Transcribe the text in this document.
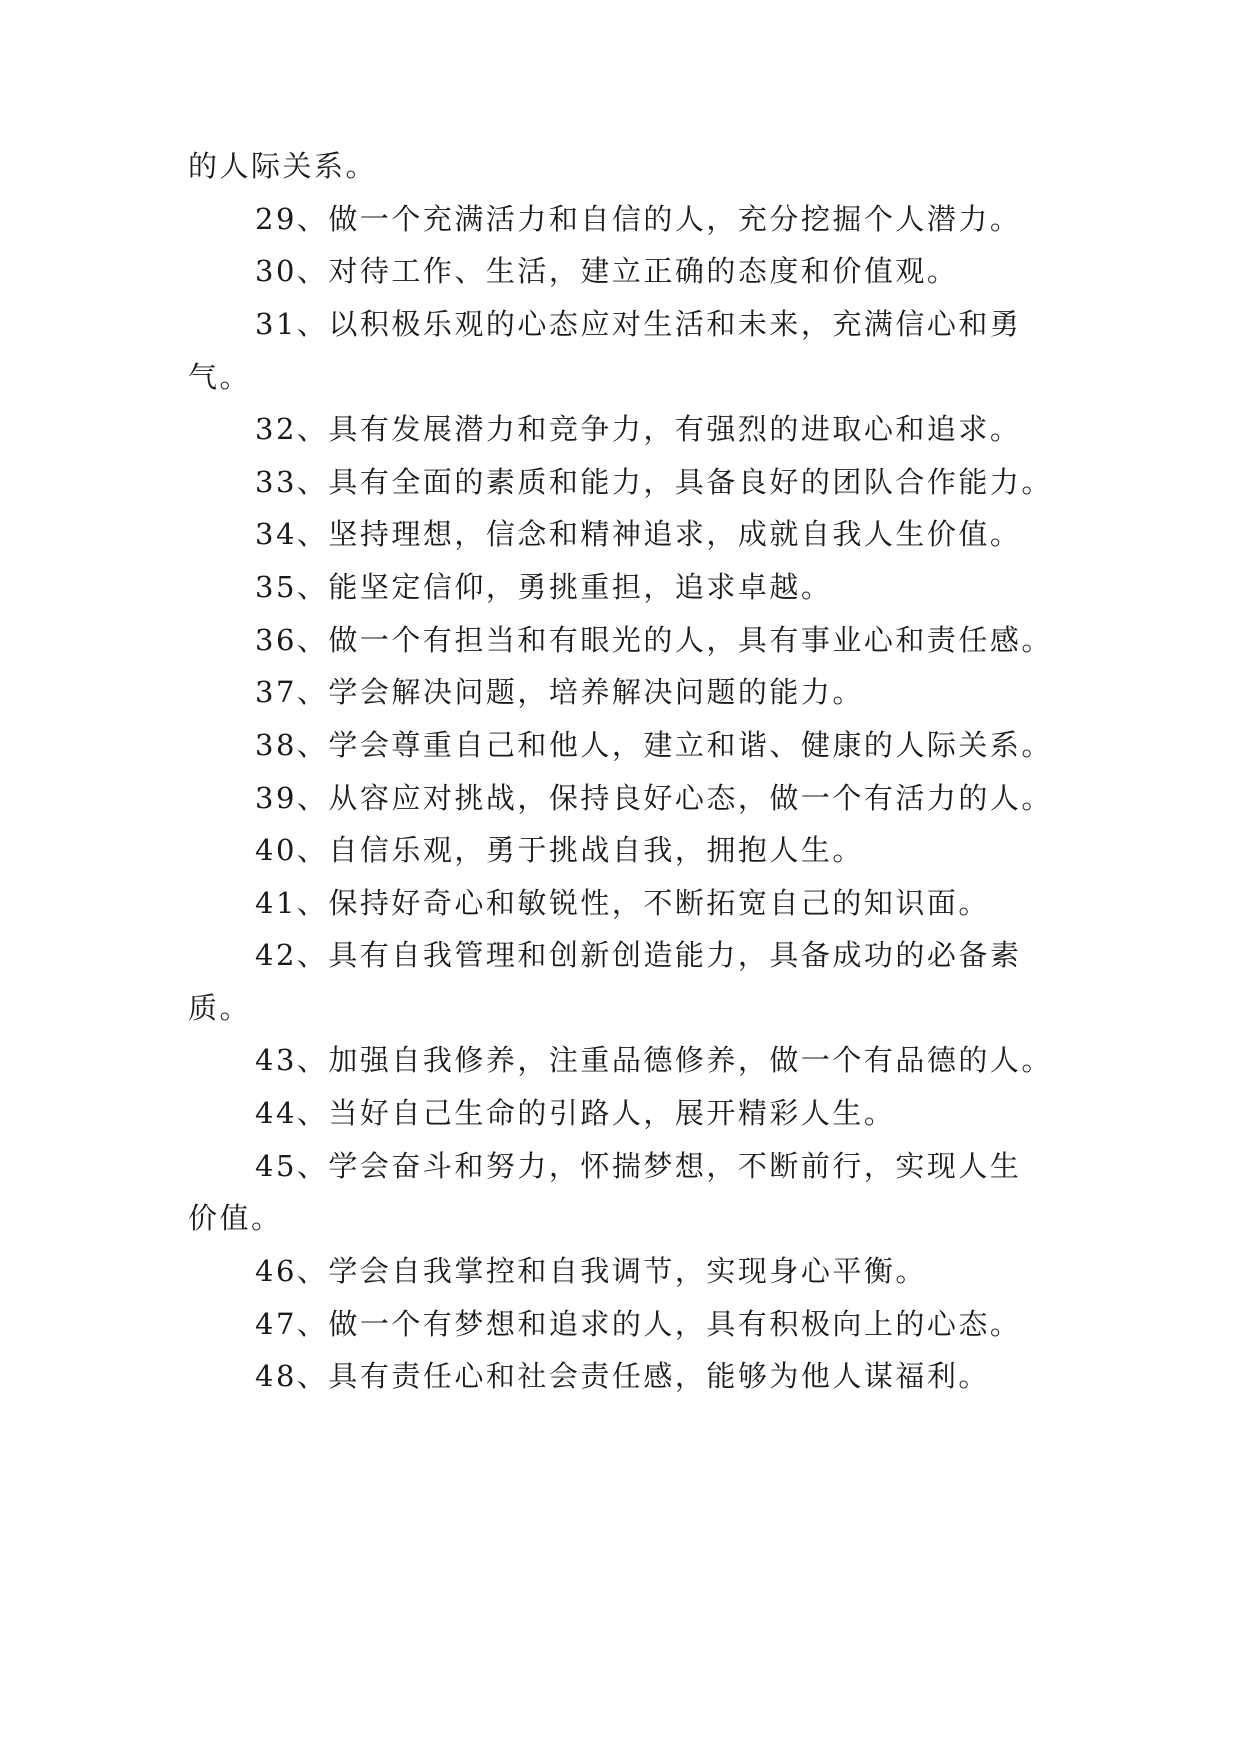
的人际关系。

29、做一个充满活力和自信的人，充分挖掘个人潜力。

30、对待工作、生活，建立正确的态度和价值观。

31、以积极乐观的心态应对生活和未来，充满信心和勇

气。

32、具有发展潜力和竞争力，有强烈的进取心和追求。

33、具有全面的素质和能力，具备良好的团队合作能力。

34、坚持理想，信念和精神追求，成就自我人生价值。

35、能坚定信仰，勇挑重担，追求卓越。

36、做一个有担当和有眼光的人，具有事业心和责任感。

37、学会解决问题，培养解决问题的能力。

38、学会尊重自己和他人，建立和谐、健康的人际关系。

39、从容应对挑战，保持良好心态，做一个有活力的人。

40、自信乐观，勇于挑战自我，拥抱人生。

41、保持好奇心和敏锐性，不断拓宽自己的知识面。

42、具有自我管理和创新创造能力，具备成功的必备素

质。

43、加强自我修养，注重品德修养，做一个有品德的人。

44、当好自己生命的引路人，展开精彩人生。

45、学会奋斗和努力，怀揣梦想，不断前行，实现人生

价值。

46、学会自我掌控和自我调节，实现身心平衡。

47、做一个有梦想和追求的人，具有积极向上的心态。

48、具有责任心和社会责任感，能够为他人谋福利。
